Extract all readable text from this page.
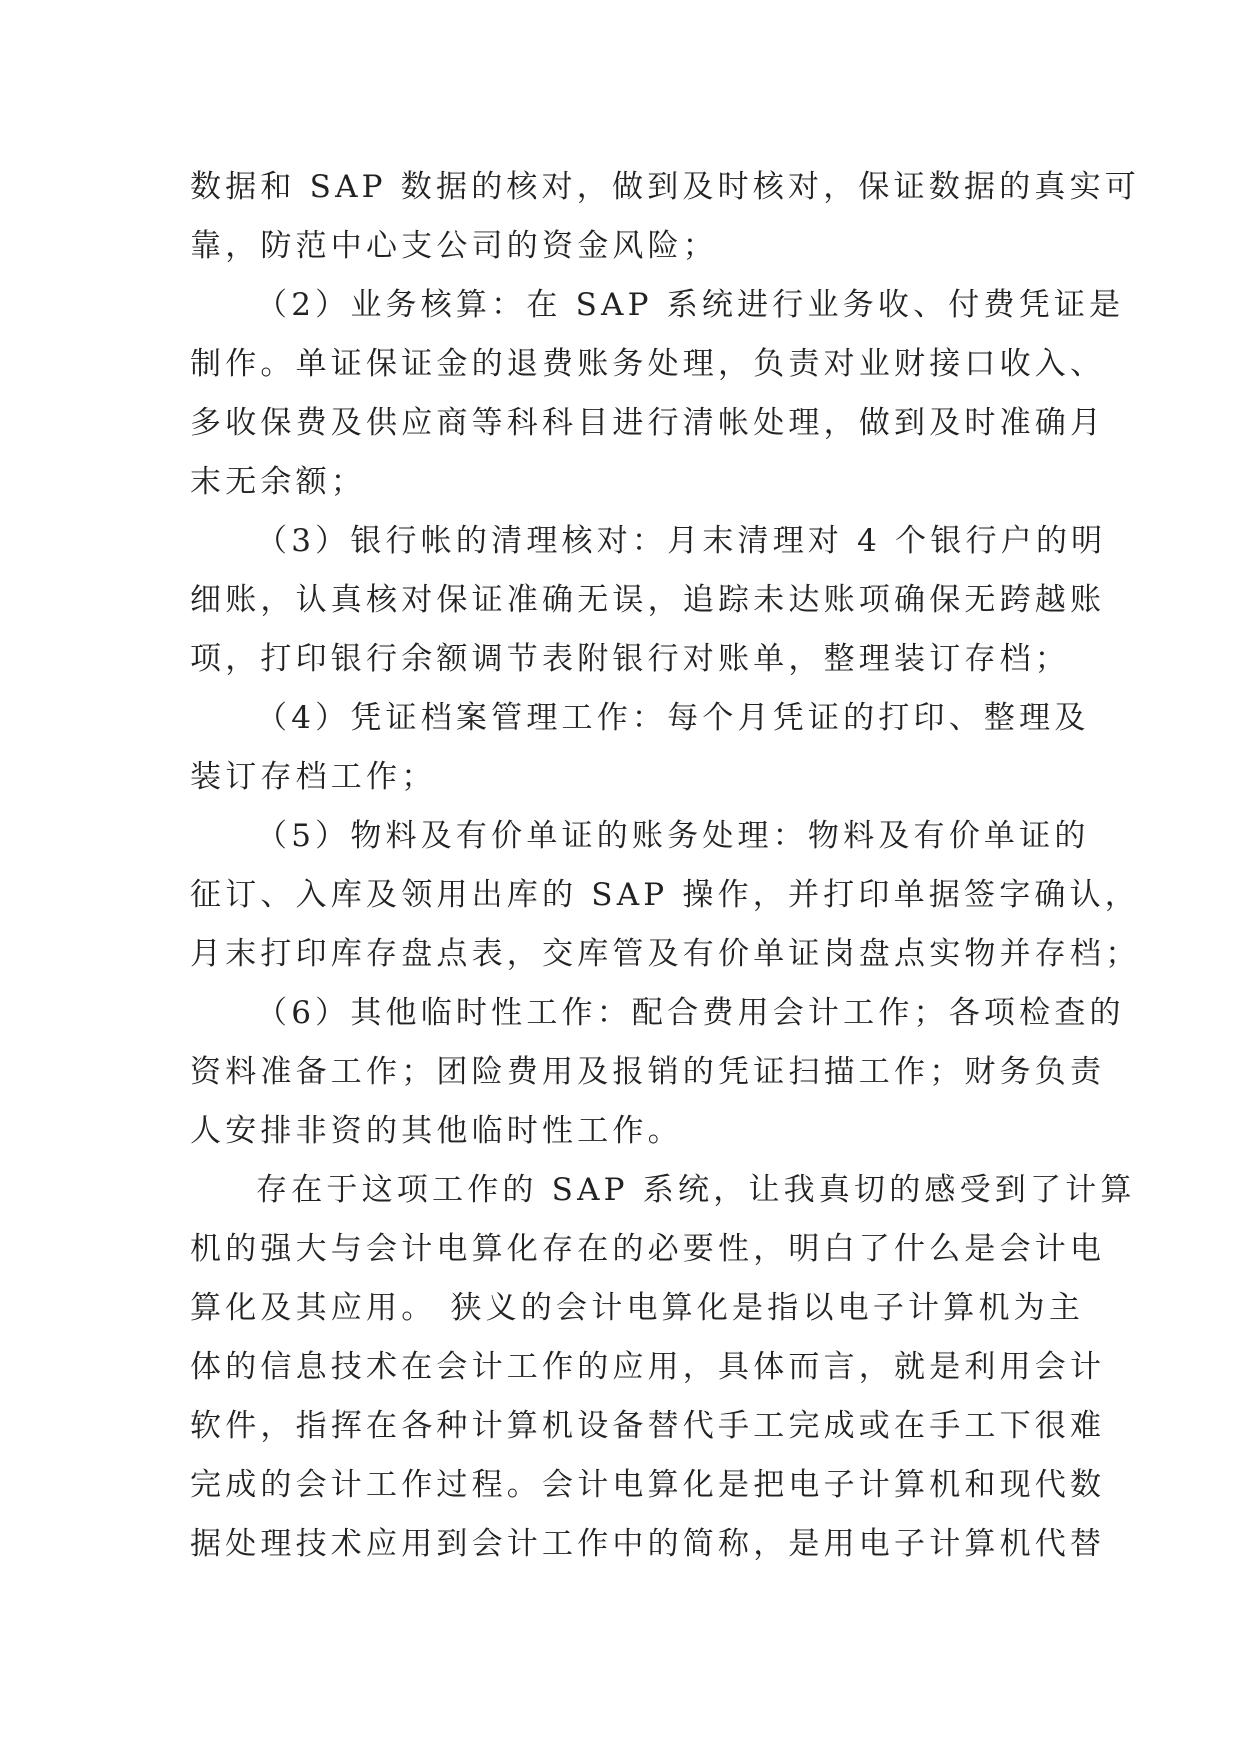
数据和 SAP 数据的核对，做到及时核对，保证数据的真实可
靠，防范中心支公司的资金风险；
（2）业务核算：在 SAP 系统进行业务收、付费凭证是
制作。单证保证金的退费账务处理，负责对业财接口收入、
多收保费及供应商等科科目进行清帐处理，做到及时准确月
末无余额；
（3）银行帐的清理核对：月末清理对 4 个银行户的明
细账，认真核对保证准确无误，追踪未达账项确保无跨越账
项，打印银行余额调节表附银行对账单，整理装订存档；
（4）凭证档案管理工作：每个月凭证的打印、整理及
装订存档工作；
（5）物料及有价单证的账务处理：物料及有价单证的
征订、入库及领用出库的 SAP 操作，并打印单据签字确认，
月末打印库存盘点表，交库管及有价单证岗盘点实物并存档；
（6）其他临时性工作：配合费用会计工作；各项检查的
资料准备工作；团险费用及报销的凭证扫描工作；财务负责
人安排非资的其他临时性工作。
存在于这项工作的 SAP 系统，让我真切的感受到了计算
机的强大与会计电算化存在的必要性，明白了什么是会计电
算化及其应用。 狭义的会计电算化是指以电子计算机为主
体的信息技术在会计工作的应用，具体而言，就是利用会计
软件，指挥在各种计算机设备替代手工完成或在手工下很难
完成的会计工作过程。会计电算化是把电子计算机和现代数
据处理技术应用到会计工作中的简称，是用电子计算机代替
